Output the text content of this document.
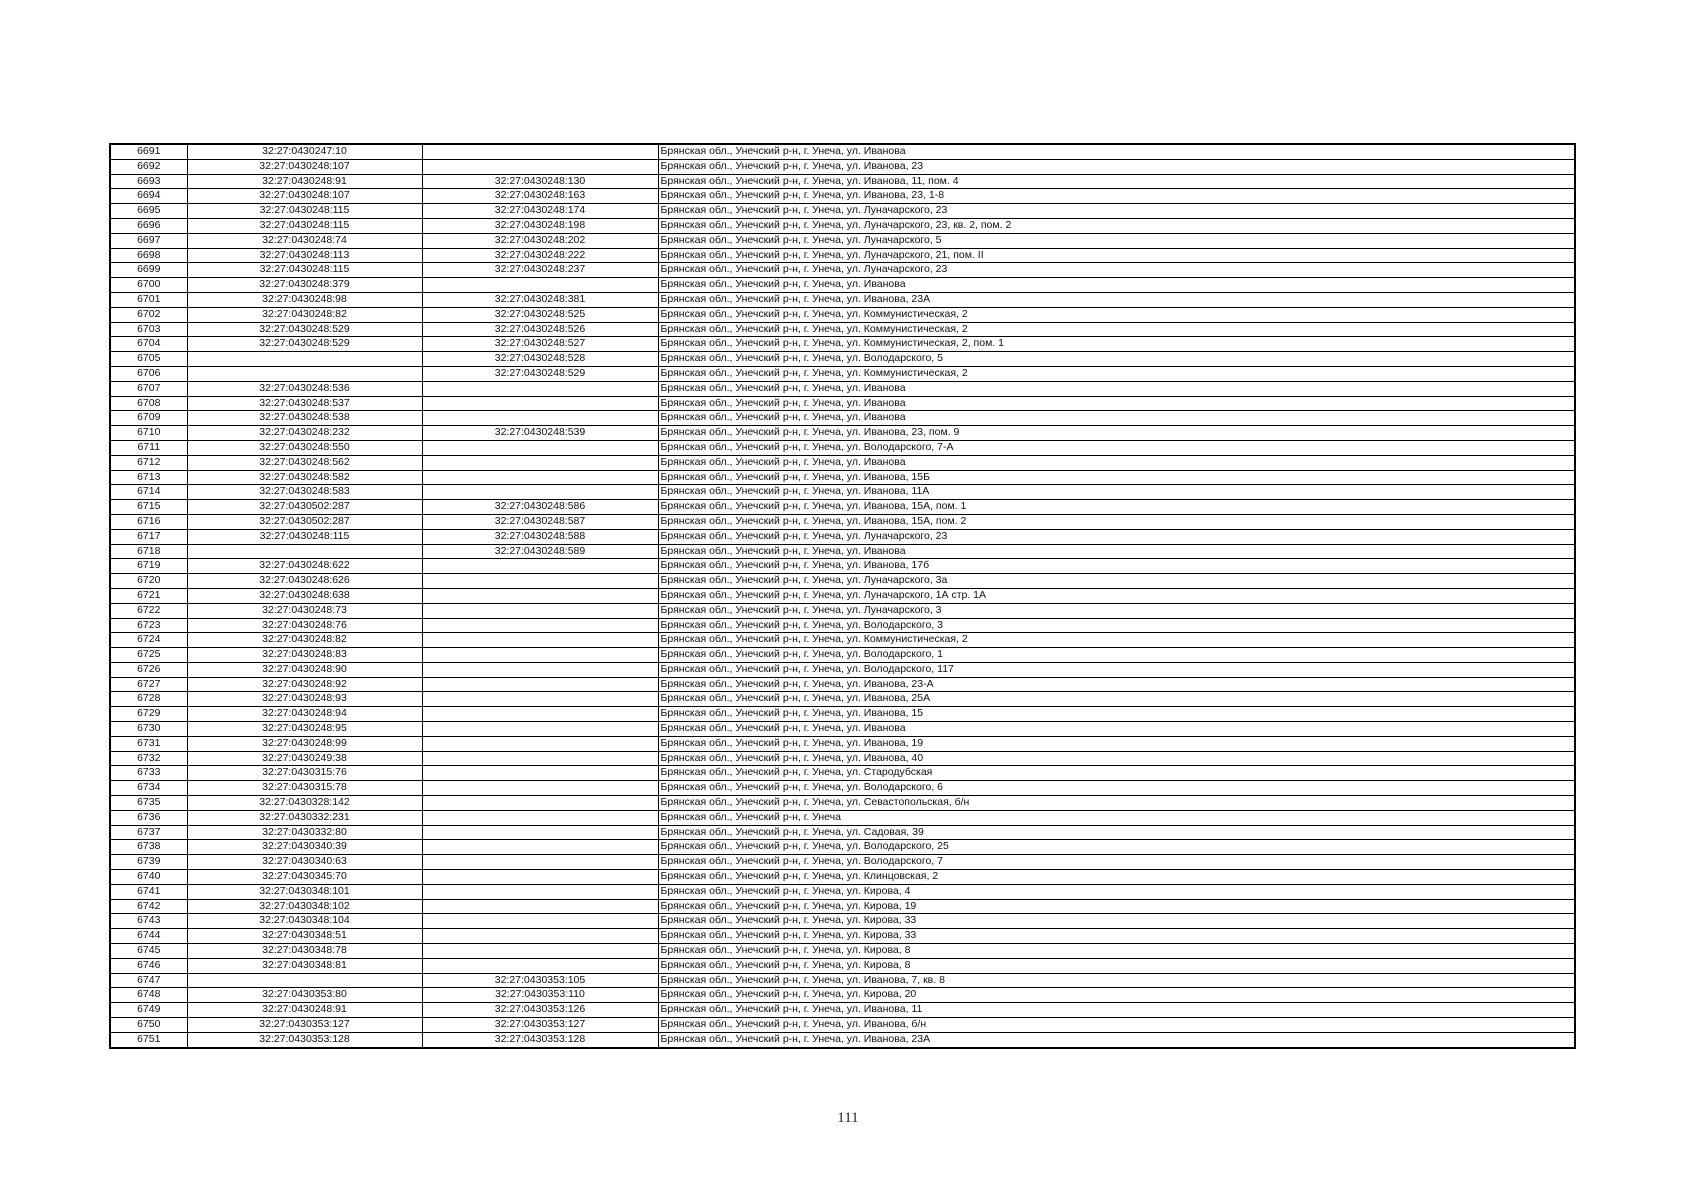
6691	32:27:0430247:10		Брянская обл., Унечский р-н, г. Унеча, ул. Иванова
6692	32:27:0430248:107		Брянская обл., Унечский р-н, г. Унеча, ул. Иванова, 23
6693	32:27:0430248:91	32:27:0430248:130	Брянская обл., Унечский р-н, г. Унеча, ул. Иванова, 11, пом. 4
6694	32:27:0430248:107	32:27:0430248:163	Брянская обл., Унечский р-н, г. Унеча, ул. Иванова, 23, 1-8
6695	32:27:0430248:115	32:27:0430248:174	Брянская обл., Унечский р-н, г. Унеча, ул. Луначарского, 23
6696	32:27:0430248:115	32:27:0430248:198	Брянская обл., Унечский р-н, г. Унеча, ул. Луначарского, 23, кв. 2, пом. 2
6697	32:27:0430248:74	32:27:0430248:202	Брянская обл., Унечский р-н, г. Унеча, ул. Луначарского, 5
6698	32:27:0430248:113	32:27:0430248:222	Брянская обл., Унечский р-н, г. Унеча, ул. Луначарского, 21, пом. II
6699	32:27:0430248:115	32:27:0430248:237	Брянская обл., Унечский р-н, г. Унеча, ул. Луначарского, 23
6700	32:27:0430248:379		Брянская обл., Унечский р-н, г. Унеча, ул. Иванова
6701	32:27:0430248:98	32:27:0430248:381	Брянская обл., Унечский р-н, г. Унеча, ул. Иванова, 23А
6702	32:27:0430248:82	32:27:0430248:525	Брянская обл., Унечский р-н, г. Унеча, ул. Коммунистическая, 2
6703	32:27:0430248:529	32:27:0430248:526	Брянская обл., Унечский р-н, г. Унеча, ул. Коммунистическая, 2
6704	32:27:0430248:529	32:27:0430248:527	Брянская обл., Унечский р-н, г. Унеча, ул. Коммунистическая, 2, пом. 1
6705		32:27:0430248:528	Брянская обл., Унечский р-н, г. Унеча, ул. Володарского, 5
6706		32:27:0430248:529	Брянская обл., Унечский р-н, г. Унеча, ул. Коммунистическая, 2
6707	32:27:0430248:536		Брянская обл., Унечский р-н, г. Унеча, ул. Иванова
6708	32:27:0430248:537		Брянская обл., Унечский р-н, г. Унеча, ул. Иванова
6709	32:27:0430248:538		Брянская обл., Унечский р-н, г. Унеча, ул. Иванова
6710	32:27:0430248:232	32:27:0430248:539	Брянская обл., Унечский р-н, г. Унеча, ул. Иванова, 23, пом. 9
6711	32:27:0430248:550		Брянская обл., Унечский р-н, г. Унеча, ул. Володарского, 7-А
6712	32:27:0430248:562		Брянская обл., Унечский р-н, г. Унеча, ул. Иванова
6713	32:27:0430248:582		Брянская обл., Унечский р-н, г. Унеча, ул. Иванова, 15Б
6714	32:27:0430248:583		Брянская обл., Унечский р-н, г. Унеча, ул. Иванова, 11А
6715	32:27:0430502:287	32:27:0430248:586	Брянская обл., Унечский р-н, г. Унеча, ул. Иванова, 15А, пом. 1
6716	32:27:0430502:287	32:27:0430248:587	Брянская обл., Унечский р-н, г. Унеча, ул. Иванова, 15А, пом. 2
6717	32:27:0430248:115	32:27:0430248:588	Брянская обл., Унечский р-н, г. Унеча, ул. Луначарского, 23
6718		32:27:0430248:589	Брянская обл., Унечский р-н, г. Унеча, ул. Иванова
6719	32:27:0430248:622		Брянская обл., Унечский р-н, г. Унеча, ул. Иванова, 17б
6720	32:27:0430248:626		Брянская обл., Унечский р-н, г. Унеча, ул. Луначарского, 3а
6721	32:27:0430248:638		Брянская обл., Унечский р-н, г. Унеча, ул. Луначарского, 1А стр. 1А
6722	32:27:0430248:73		Брянская обл., Унечский р-н, г. Унеча, ул. Луначарского, 3
6723	32:27:0430248:76		Брянская обл., Унечский р-н, г. Унеча, ул. Володарского, 3
6724	32:27:0430248:82		Брянская обл., Унечский р-н, г. Унеча, ул. Коммунистическая, 2
6725	32:27:0430248:83		Брянская обл., Унечский р-н, г. Унеча, ул. Володарского, 1
6726	32:27:0430248:90		Брянская обл., Унечский р-н, г. Унеча, ул. Володарского, 117
6727	32:27:0430248:92		Брянская обл., Унечский р-н, г. Унеча, ул. Иванова, 23-А
6728	32:27:0430248:93		Брянская обл., Унечский р-н, г. Унеча, ул. Иванова, 25А
6729	32:27:0430248:94		Брянская обл., Унечский р-н, г. Унеча, ул. Иванова, 15
6730	32:27:0430248:95		Брянская обл., Унечский р-н, г. Унеча, ул. Иванова
6731	32:27:0430248:99		Брянская обл., Унечский р-н, г. Унеча, ул. Иванова, 19
6732	32:27:0430249:38		Брянская обл., Унечский р-н, г. Унеча, ул. Иванова, 40
6733	32:27:0430315:76		Брянская обл., Унечский р-н, г. Унеча, ул. Стародубская
6734	32:27:0430315:78		Брянская обл., Унечский р-н, г. Унеча, ул. Володарского, 6
6735	32:27:0430328:142		Брянская обл., Унечский р-н, г. Унеча, ул. Севастопольская, б/н
6736	32:27:0430332:231		Брянская обл., Унечский р-н, г. Унеча
6737	32:27:0430332:80		Брянская обл., Унечский р-н, г. Унеча, ул. Садовая, 39
6738	32:27:0430340:39		Брянская обл., Унечский р-н, г. Унеча, ул. Володарского, 25
6739	32:27:0430340:63		Брянская обл., Унечский р-н, г. Унеча, ул. Володарского, 7
6740	32:27:0430345:70		Брянская обл., Унечский р-н, г. Унеча, ул. Клинцовская, 2
6741	32:27:0430348:101		Брянская обл., Унечский р-н, г. Унеча, ул. Кирова, 4
6742	32:27:0430348:102		Брянская обл., Унечский р-н, г. Унеча, ул. Кирова, 19
6743	32:27:0430348:104		Брянская обл., Унечский р-н, г. Унеча, ул. Кирова, 33
6744	32:27:0430348:51		Брянская обл., Унечский р-н, г. Унеча, ул. Кирова, 33
6745	32:27:0430348:78		Брянская обл., Унечский р-н, г. Унеча, ул. Кирова, 8
6746	32:27:0430348:81		Брянская обл., Унечский р-н, г. Унеча, ул. Кирова, 8
6747		32:27:0430353:105	Брянская обл., Унечский р-н, г. Унеча, ул. Иванова, 7, кв. 8
6748	32:27:0430353:80	32:27:0430353:110	Брянская обл., Унечский р-н, г. Унеча, ул. Кирова, 20
6749	32:27:0430248:91	32:27:0430353:126	Брянская обл., Унечский р-н, г. Унеча, ул. Иванова, 11
6750	32:27:0430353:127	32:27:0430353:127	Брянская обл., Унечский р-н, г. Унеча, ул. Иванова, б/н
6751	32:27:0430353:128	32:27:0430353:128	Брянская обл., Унечский р-н, г. Унеча, ул. Иванова, 23А
111
